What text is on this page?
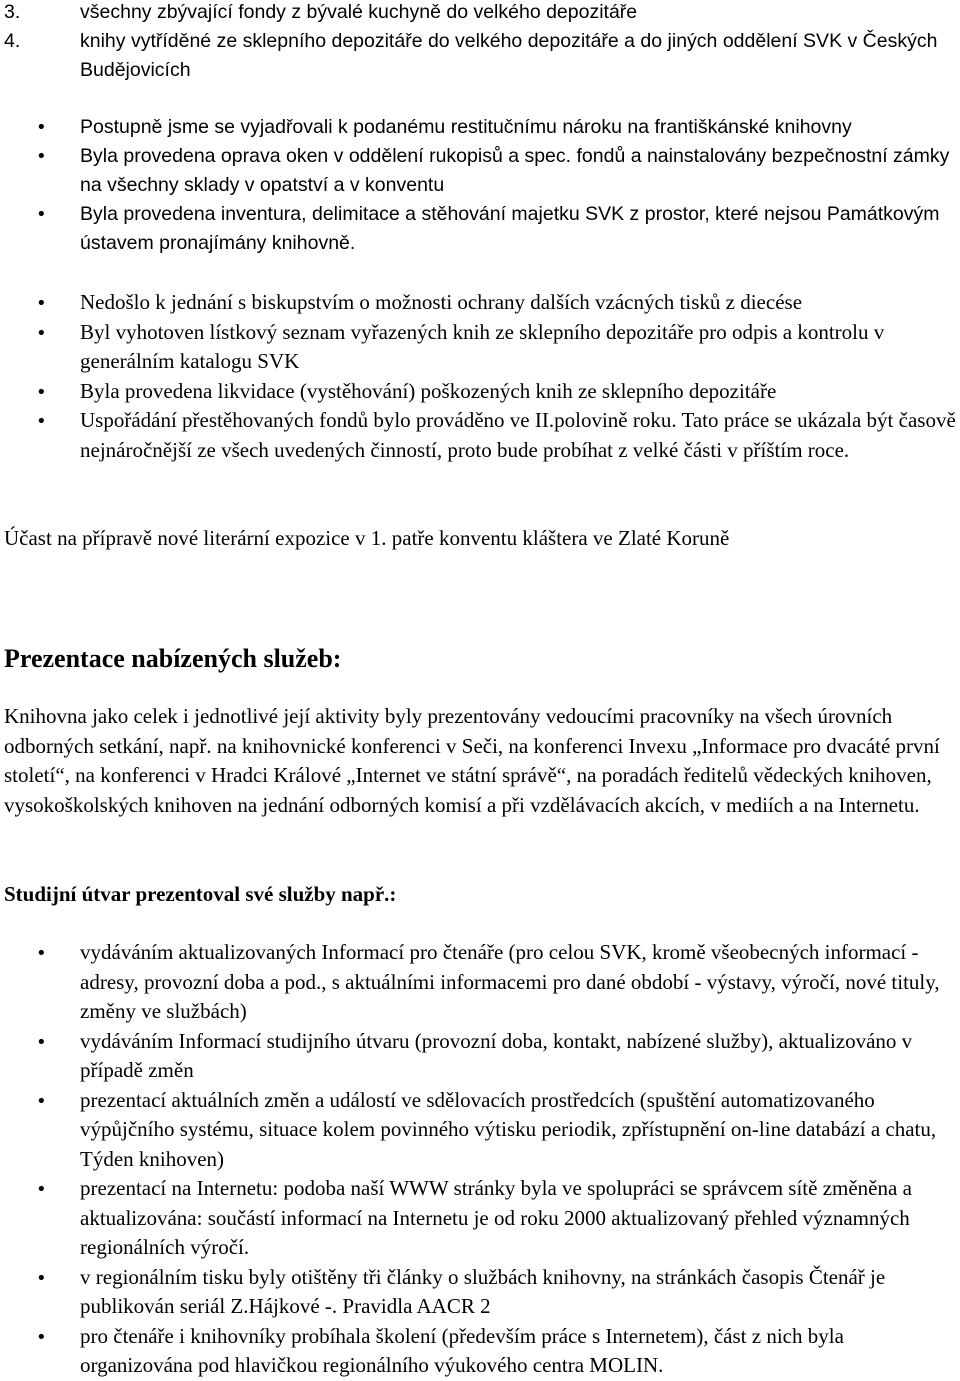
3.	všechny zbývající fondy z bývalé kuchyně do velkého depozitáře
4.	knihy vytříděné ze sklepního depozitáře do velkého depozitáře a do jiných oddělení SVK v Českých Budějovicích
•
Postupně jsme se vyjadřovali k podanému restitučnímu nároku na františkánské knihovny
•
Byla provedena oprava oken v oddělení rukopisů a spec. fondů a nainstalovány bezpečnostní zámky na všechny sklady v opatství a v konventu
•
Byla provedena inventura, delimitace a stěhování majetku SVK z prostor, které nejsou Památkovým ústavem pronajímány knihovně.
•
Nedošlo k jednání s biskupstvím o možnosti ochrany dalších vzácných tisků z diecése
•
Byl vyhotoven lístkový seznam vyřazených knih ze sklepního depozitáře pro odpis a kontrolu v generálním katalogu SVK
•
Byla provedena likvidace (vystěhování) poškozených knih ze sklepního depozitáře
•
Uspořádání přestěhovaných fondů bylo prováděno ve II.polovině roku. Tato práce se ukázala být časově nejnáročnější ze všech uvedených činností, proto bude probíhat z velké části v příštím roce.
Účast na přípravě nové literární expozice v 1. patře konventu kláštera ve Zlaté Koruně
Prezentace nabízených služeb:
Knihovna jako celek i jednotlivé její aktivity byly prezentovány vedoucími pracovníky na všech úrovních odborných setkání, např. na knihovnické konferenci v Seči, na konferenci Invexu „Informace pro dvacáté první století“, na konferenci v Hradci Králové „Internet ve státní správě“, na poradách ředitelů vědeckých knihoven, vysokoškolských knihoven na jednání odborných komisí a při vzdělávacích akcích, v mediích a na Internetu.
Studijní útvar prezentoval své služby např.:
•
vydáváním aktualizovaných Informací pro čtenáře (pro celou SVK, kromě všeobecných informací - adresy, provozní doba a pod., s aktuálními informacemi pro dané období - výstavy, výročí, nové tituly, změny ve službách)
•
vydáváním Informací studijního útvaru (provozní doba, kontakt, nabízené služby), aktualizováno v případě změn
•
prezentací aktuálních změn a událostí ve sdělovacích prostředcích (spuštění automatizovaného výpůjčního systému, situace kolem povinného výtisku periodik, zpřístupnění on-line databází a chatu, Týden knihoven)
•
prezentací na Internetu: podoba naší WWW stránky byla ve spolupráci se správcem sítě změněna a aktualizována: součástí informací na Internetu je od roku 2000 aktualizovaný přehled významných regionálních výročí.
•
v regionálním tisku byly otištěny tři články o službách knihovny, na stránkách časopis Čtenář je publikován seriál Z.Hájkové -. Pravidla AACR 2
•
pro čtenáře i knihovníky probíhala školení (především práce s Internetem), část z nich byla organizována pod hlavičkou regionálního výukového centra MOLIN.
